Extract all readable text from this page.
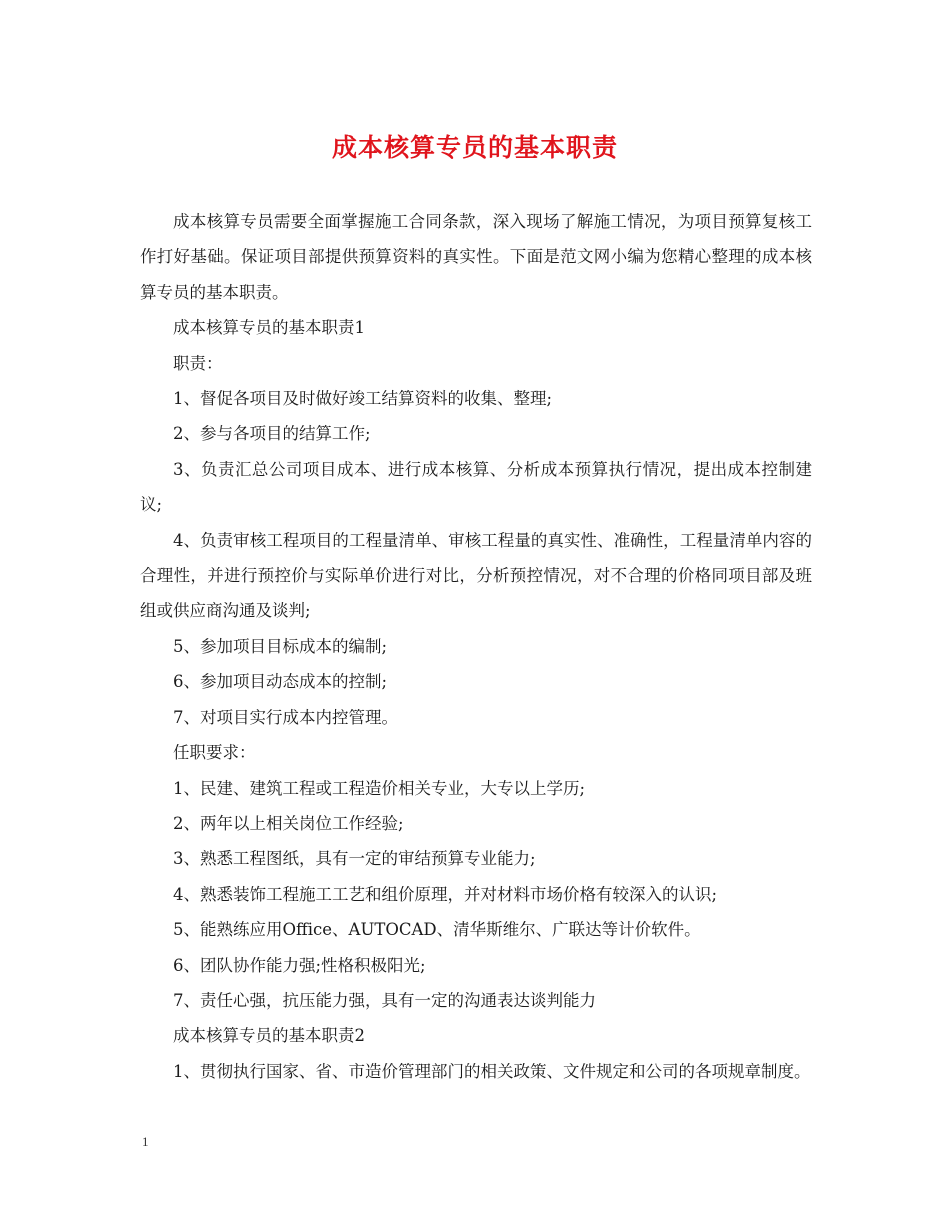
成本核算专员的基本职责

成本核算专员需要全面掌握施工合同条款，深入现场了解施工情况，为项目预算复核工作打好基础。保证项目部提供预算资料的真实性。下面是范文网小编为您精心整理的成本核算专员的基本职责。

成本核算专员的基本职责1

职责：

1、督促各项目及时做好竣工结算资料的收集、整理;

2、参与各项目的结算工作;

3、负责汇总公司项目成本、进行成本核算、分析成本预算执行情况，提出成本控制建议;

4、负责审核工程项目的工程量清单、审核工程量的真实性、准确性，工程量清单内容的合理性，并进行预控价与实际单价进行对比，分析预控情况，对不合理的价格同项目部及班组或供应商沟通及谈判;

5、参加项目目标成本的编制;

6、参加项目动态成本的控制;

7、对项目实行成本内控管理。

任职要求：

1、民建、建筑工程或工程造价相关专业，大专以上学历;

2、两年以上相关岗位工作经验;

3、熟悉工程图纸，具有一定的审结预算专业能力;

4、熟悉装饰工程施工工艺和组价原理，并对材料市场价格有较深入的认识;

5、能熟练应用Office、AUTOCAD、清华斯维尔、广联达等计价软件。

6、团队协作能力强;性格积极阳光;

7、责任心强，抗压能力强，具有一定的沟通表达谈判能力

成本核算专员的基本职责2

1、贯彻执行国家、省、市造价管理部门的相关政策、文件规定和公司的各项规章制度。

1
